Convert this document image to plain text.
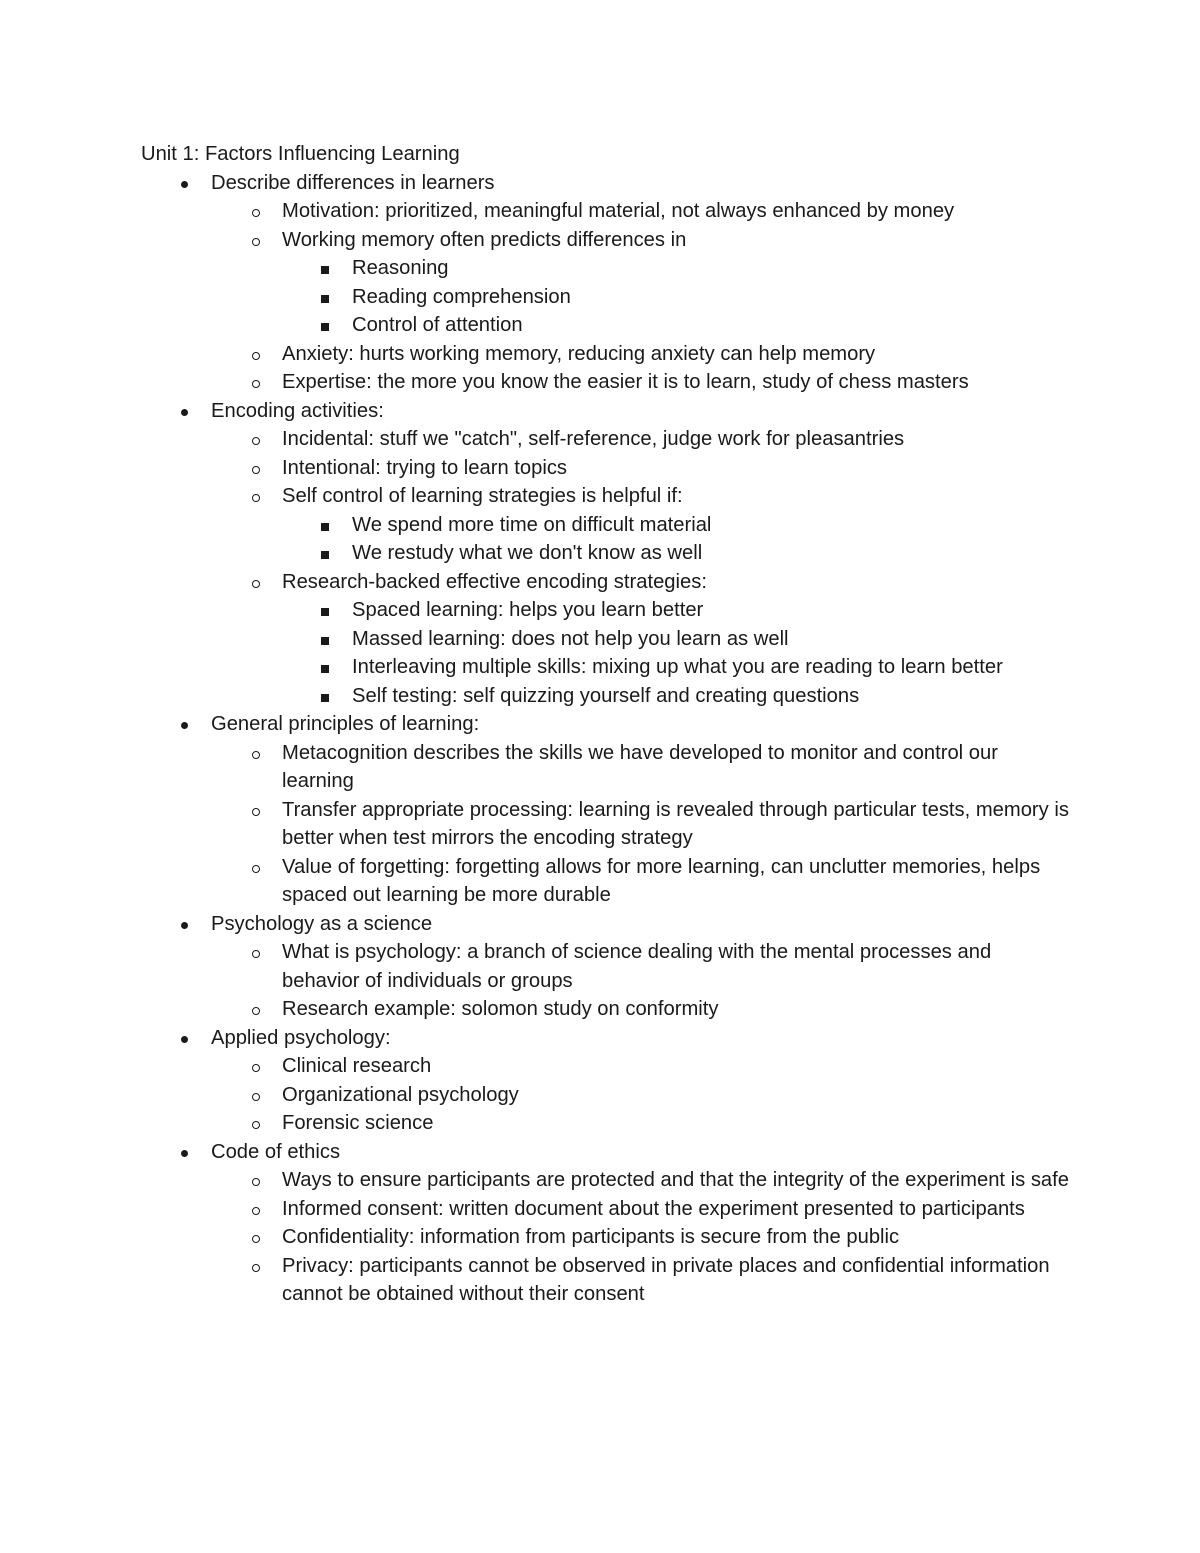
Unit 1: Factors Influencing Learning
Describe differences in learners
Motivation: prioritized, meaningful material, not always enhanced by money
Working memory often predicts differences in
Reasoning
Reading comprehension
Control of attention
Anxiety: hurts working memory, reducing anxiety can help memory
Expertise: the more you know the easier it is to learn, study of chess masters
Encoding activities:
Incidental: stuff we "catch", self-reference, judge work for pleasantries
Intentional: trying to learn topics
Self control of learning strategies is helpful if:
We spend more time on difficult material
We restudy what we don't know as well
Research-backed effective encoding strategies:
Spaced learning: helps you learn better
Massed learning: does not help you learn as well
Interleaving multiple skills: mixing up what you are reading to learn better
Self testing: self quizzing yourself and creating questions
General principles of learning:
Metacognition describes the skills we have developed to monitor and control our learning
Transfer appropriate processing: learning is revealed through particular tests, memory is better when test mirrors the encoding strategy
Value of forgetting: forgetting allows for more learning, can unclutter memories, helps spaced out learning be more durable
Psychology as a science
What is psychology: a branch of science dealing with the mental processes and behavior of individuals or groups
Research example: solomon study on conformity
Applied psychology:
Clinical research
Organizational psychology
Forensic science
Code of ethics
Ways to ensure participants are protected and that the integrity of the experiment is safe
Informed consent: written document about the experiment presented to participants
Confidentiality: information from participants is secure from the public
Privacy: participants cannot be observed in private places and confidential information cannot be obtained without their consent
